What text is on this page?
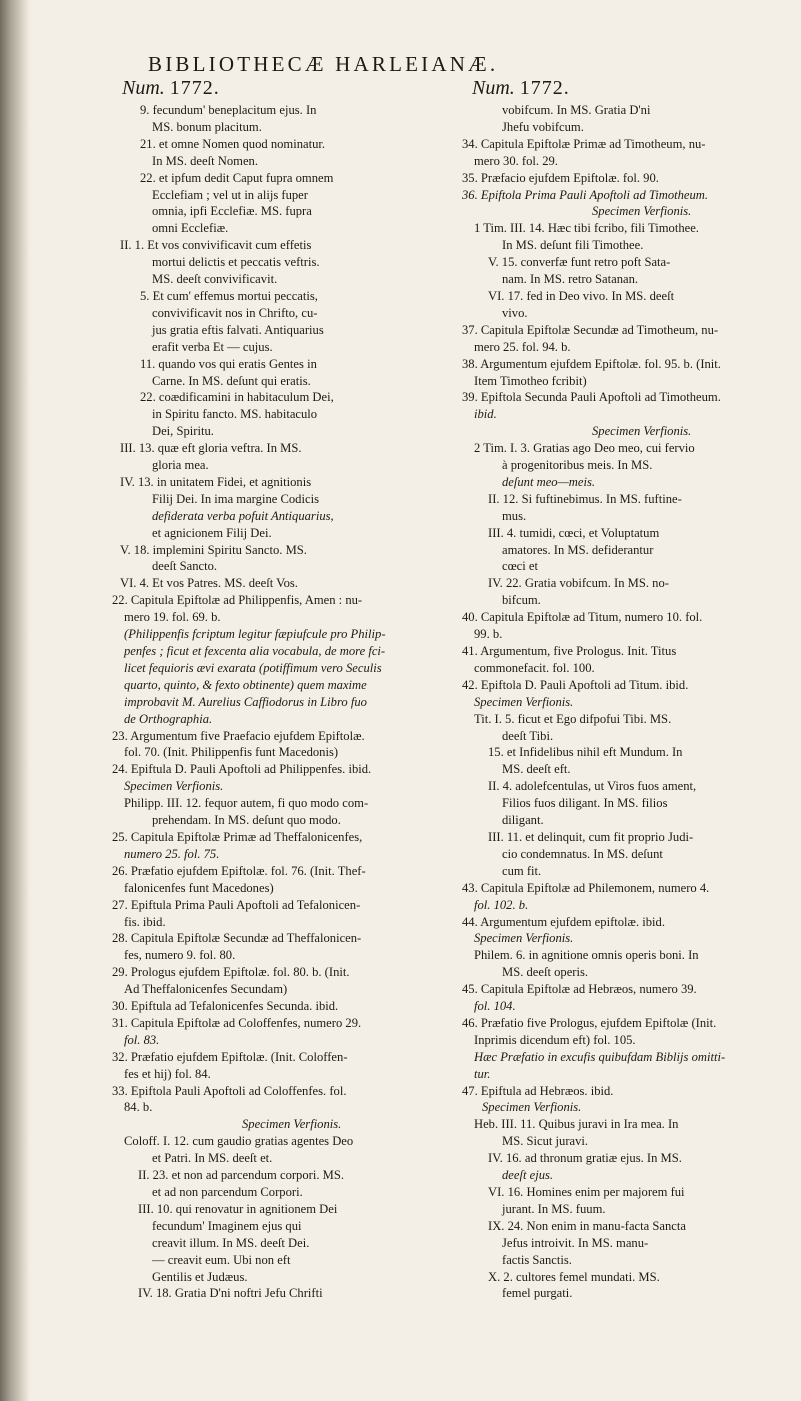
BIBLIOTHECÆ HARLEIANÆ.
Num. 1772.
9. fecundum' beneplacitum ejus. In
MS. bonum placitum.
21. et omne Nomen quod nominatur.
In MS. deeſt Nomen.
22. et ipfum dedit Caput fupra omnem
Ecclefiam ; vel ut in alijs fuper
omnia, ipfi Ecclefiæ. MS. fupra
omni Ecclefiæ.
II. 1. Et vos convivificavit cum effetis
mortui delictis et peccatis veftris.
MS. deeſt convivificavit.
5. Et cum' effemus mortui peccatis,
convivificavit nos in Chrifto, cu-
jus gratia eftis falvati. Antiquarius
erafit verba Et — cujus.
11. quando vos qui eratis Gentes in
Carne. In MS. deſunt qui eratis.
22. coædificamini in habitaculum Dei,
in Spiritu fancto. MS. habitaculo
Dei, Spiritu.
III. 13. quæ eft gloria veftra. In MS.
gloria mea.
IV. 13. in unitatem Fidei, et agnitionis
Filij Dei. In ima margine Codicis
defiderata verba pofuit Antiquarius,
et agnicionem Filij Dei.
V. 18. implemini Spiritu Sancto. MS.
deeſt Sancto.
VI. 4. Et vos Patres. MS. deeſt Vos.
22. Capitula Epiftolæ ad Philippenfis, Amen : nu-
mero 19. fol. 69. b.
(Philippenfis fcriptum legitur fæpiufcule pro Philip-
penfes ; ficut et fexcenta alia vocabula, de more fci-
licet fequioris ævi exarata (potiffimum vero Seculis
quarto, quinto, & fexto obtinente) quem maxime
improbavit M. Aurelius Caffiodorus in Libro fuo
de Orthographia.
23. Argumentum five Praefacio ejufdem Epiftolæ.
fol. 70. (Init. Philippenfis funt Macedonis)
24. Epiftula D. Pauli Apoftoli ad Philippenfes. ibid.
Specimen Verfionis.
Philipp. III. 12. fequor autem, fi quo modo com-
prehendam. In MS. deſunt quo modo.
25. Capitula Epiftolæ Primæ ad Theffalonicenfes,
numero 25. fol. 75.
26. Præfatio ejufdem Epiftolæ. fol. 76. (Init. Thef-
falonicenfes funt Macedones)
27. Epiftula Prima Pauli Apoftoli ad Tefalonicen-
fis. ibid.
28. Capitula Epiftolæ Secundæ ad Theffalonicen-
fes, numero 9. fol. 80.
29. Prologus ejufdem Epiftolæ. fol. 80. b. (Init.
Ad Theffalonicenfes Secundam)
30. Epiftula ad Tefalonicenfes Secunda. ibid.
31. Capitula Epiftolæ ad Coloffenfes, numero 29.
fol. 83.
32. Præfatio ejufdem Epiftolæ. (Init. Coloffen-
fes et hij) fol. 84.
33. Epiftola Pauli Apoftoli ad Coloffenfes. fol.
84. b.
Specimen Verfionis.
Coloff. I. 12. cum gaudio gratias agentes Deo
et Patri. In MS. deeſt et.
II. 23. et non ad parcendum corpori. MS.
et ad non parcendum Corpori.
III. 10. qui renovatur in agnitionem Dei
fecundum' Imaginem ejus qui
creavit illum. In MS. deeſt Dei.
— creavit eum. Ubi non eft
Gentilis et Judæus.
IV. 18. Gratia D'ni noftri Jefu Chrifti
Num. 1772.
vobifcum. In MS. Gratia D'ni
Jhefu vobifcum.
34. Capitula Epiftolæ Primæ ad Timotheum, nu-
mero 30. fol. 29.
35. Præfacio ejufdem Epiftolæ. fol. 90.
36. Epiftola Prima Pauli Apoftoli ad Timotheum.
Specimen Verfionis.
1 Tim. III. 14. Hæc tibi fcribo, fili Timothee.
In MS. deſunt fili Timothee.
V. 15. converfæ funt retro poft Sata-
nam. In MS. retro Satanan.
VI. 17. fed in Deo vivo. In MS. deeſt
vivo.
37. Capitula Epiftolæ Secundæ ad Timotheum, nu-
mero 25. fol. 94. b.
38. Argumentum ejufdem Epiftolæ. fol. 95. b. (Init.
Item Timotheo fcribit)
39. Epiftola Secunda Pauli Apoftoli ad Timotheum.
ibid.
Specimen Verfionis.
2 Tim. I. 3. Gratias ago Deo meo, cui fervio
à progenitoribus meis. In MS.
deſunt meo—meis.
II. 12. Si fuftinebimus. In MS. fuftine-
mus.
III. 4. tumidi, cœci, et Voluptatum
amatores. In MS. defiderantur
cœci et
IV. 22. Gratia vobifcum. In MS. no-
bifcum.
40. Capitula Epiftolæ ad Titum, numero 10. fol.
99. b.
41. Argumentum, five Prologus. Init. Titus
commonefacit. fol. 100.
42. Epiftola D. Pauli Apoftoli ad Titum. ibid.
Specimen Verfionis.
Tit. I. 5. ficut et Ego difpofui Tibi. MS.
deeſt Tibi.
15. et Infidelibus nihil eft Mundum. In
MS. deeſt eft.
II. 4. adolefcentulas, ut Viros fuos ament,
Filios fuos diligant. In MS. filios
diligant.
III. 11. et delinquit, cum fit proprio Judi-
cio condemnatus. In MS. deſunt
cum fit.
43. Capitula Epiftolæ ad Philemonem, numero 4.
fol. 102. b.
44. Argumentum ejufdem epiftolæ. ibid.
Specimen Verfionis.
Philem. 6. in agnitione omnis operis boni. In
MS. deeſt operis.
45. Capitula Epiftolæ ad Hebræos, numero 39.
fol. 104.
46. Præfatio five Prologus, ejufdem Epiftolæ (Init.
Inprimis dicendum eft) fol. 105.
Hæc Præfatio in excufis quibufdam Biblijs omitti-
tur.
47. Epiftula ad Hebræos. ibid.
Specimen Verfionis.
Heb. III. 11. Quibus juravi in Ira mea. In
MS. Sicut juravi.
IV. 16. ad thronum gratiæ ejus. In MS.
deeſt ejus.
VI. 16. Homines enim per majorem fui
jurant. In MS. fuum.
IX. 24. Non enim in manu-facta Sancta
Jefus introivit. In MS. manu-
factis Sanctis.
X. 2. cultores femel mundati. MS.
femel purgati.
